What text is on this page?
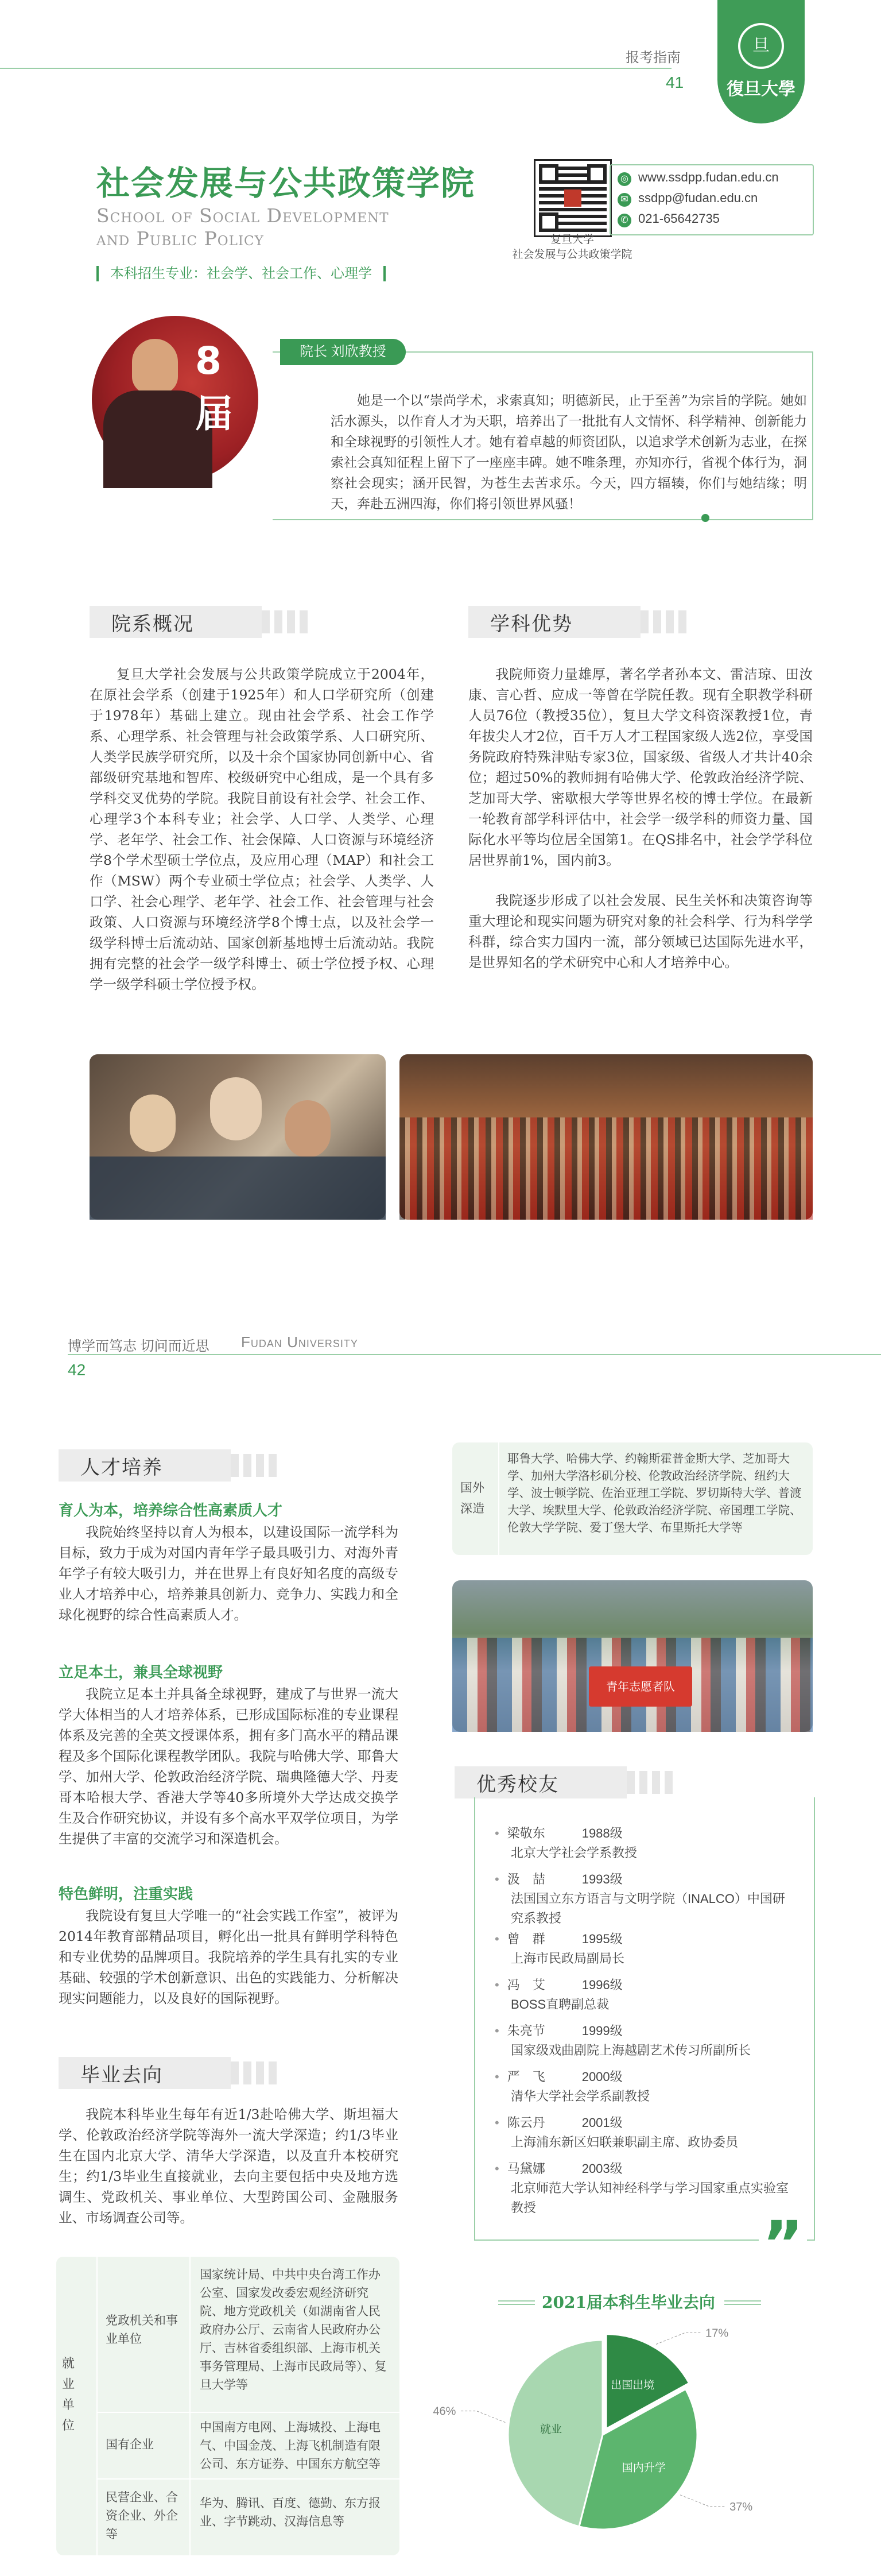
报考指南
41
旦
復旦大學
社会发展与公共政策学院
School of Social Development
and Public Policy
本科招生专业：社会学、社会工作、心理学
复旦大学
社会发展与公共政策学院
◎ www.ssdpp.fudan.edu.cn
✉ ssdpp@fudan.edu.cn
✆ 021-65642735
8届
院长 刘欣教授
她是一个以“崇尚学术，求索真知；明德新民，止于至善”为宗旨的学院。她如活水源头，以作育人才为天职，培养出了一批批有人文情怀、科学精神、创新能力和全球视野的引领性人才。她有着卓越的师资团队，以追求学术创新为志业，在探索社会真知征程上留下了一座座丰碑。她不唯条理，亦知亦行，省视个体行为，洞察社会现实；涵开民智，为苍生去苦求乐。今天，四方辐辏，你们与她结缘；明天，奔赴五洲四海，你们将引领世界风骚！
院系概况
复旦大学社会发展与公共政策学院成立于2004年，在原社会学系（创建于1925年）和人口学研究所（创建于1978年）基础上建立。现由社会学系、社会工作学系、心理学系、社会管理与社会政策学系、人口研究所、人类学民族学研究所，以及十余个国家协同创新中心、省部级研究基地和智库、校级研究中心组成，是一个具有多学科交叉优势的学院。我院目前设有社会学、社会工作、心理学3个本科专业；社会学、人口学、人类学、心理学、老年学、社会工作、社会保障、人口资源与环境经济学8个学术型硕士学位点，及应用心理（MAP）和社会工作（MSW）两个专业硕士学位点；社会学、人类学、人口学、社会心理学、老年学、社会工作、社会管理与社会政策、人口资源与环境经济学8个博士点，以及社会学一级学科博士后流动站、国家创新基地博士后流动站。我院拥有完整的社会学一级学科博士、硕士学位授予权、心理学一级学科硕士学位授予权。
学科优势
我院师资力量雄厚，著名学者孙本文、雷洁琼、田汝康、言心哲、应成一等曾在学院任教。现有全职教学科研人员76位（教授35位），复旦大学文科资深教授1位，青年拔尖人才2位，百千万人才工程国家级人选2位，享受国务院政府特殊津贴专家3位，国家级、省级人才共计40余位；超过50%的教师拥有哈佛大学、伦敦政治经济学院、芝加哥大学、密歇根大学等世界名校的博士学位。在最新一轮教育部学科评估中，社会学一级学科的师资力量、国际化水平等均位居全国第1。在QS排名中，社会学学科位居世界前1%，国内前3。
我院逐步形成了以社会发展、民生关怀和决策咨询等重大理论和现实问题为研究对象的社会科学、行为科学学科群，综合实力国内一流，部分领域已达国际先进水平，是世界知名的学术研究中心和人才培养中心。
博学而笃志 切问而近思 Fudan University
42
人才培养
育人为本，培养综合性高素质人才
我院始终坚持以育人为根本，以建设国际一流学科为目标，致力于成为对国内青年学子最具吸引力、对海外青年学子有较大吸引力，并在世界上有良好知名度的高级专业人才培养中心，培养兼具创新力、竞争力、实践力和全球化视野的综合性高素质人才。
立足本土，兼具全球视野
我院立足本土并具备全球视野，建成了与世界一流大学大体相当的人才培养体系，已形成国际标准的专业课程体系及完善的全英文授课体系，拥有多门高水平的精品课程及多个国际化课程教学团队。我院与哈佛大学、耶鲁大学、加州大学、伦敦政治经济学院、瑞典隆德大学、丹麦哥本哈根大学、香港大学等40多所境外大学达成交换学生及合作研究协议，并设有多个高水平双学位项目，为学生提供了丰富的交流学习和深造机会。
特色鲜明，注重实践
我院设有复旦大学唯一的“社会实践工作室”，被评为2014年教育部精品项目，孵化出一批具有鲜明学科特色和专业优势的品牌项目。我院培养的学生具有扎实的专业基础、较强的学术创新意识、出色的实践能力、分析解决现实问题能力，以及良好的国际视野。
毕业去向
我院本科毕业生每年有近1/3赴哈佛大学、斯坦福大学、伦敦政治经济学院等海外一流大学深造；约1/3毕业生在国内北京大学、清华大学深造，以及直升本校研究生；约1/3毕业生直接就业，去向主要包括中央及地方选调生、党政机关、事业单位、大型跨国公司、金融服务业、市场调查公司等。
就业单位
党政机关和事业单位
国家统计局、中共中央台湾工作办公室、国家发改委宏观经济研究院、地方党政机关（如湖南省人民政府办公厅、云南省人民政府办公厅、吉林省委组织部、上海市机关事务管理局、上海市民政局等）、复旦大学等
国有企业
中国南方电网、上海城投、上海电气、中国金茂、上海飞机制造有限公司、东方证券、中国东方航空等
民营企业、合资企业、外企等
华为、腾讯、百度、德勤、东方报业、字节跳动、汉海信息等
国外深造
耶鲁大学、哈佛大学、约翰斯霍普金斯大学、芝加哥大学、加州大学洛杉矶分校、伦敦政治经济学院、纽约大学、波士顿学院、佐治亚理工学院、罗切斯特大学、普渡大学、埃默里大学、伦敦政治经济学院、帝国理工学院、伦敦大学学院、爱丁堡大学、布里斯托大学等
青年志愿者队
优秀校友
• 梁敬东	1988级
北京大学社会学系教授
• 汲　喆	1993级
法国国立东方语言与文明学院（INALCO）中国研究系教授
• 曾　群	1995级
上海市民政局副局长
• 冯　艾	1996级
BOSS直聘副总裁
• 朱亮节	1999级
国家级戏曲剧院上海越剧艺术传习所副所长
• 严　飞	2000级
清华大学社会学系副教授
• 陈云丹	2001级
上海浦东新区妇联兼职副主席、政协委员
• 马黛娜	2003级
北京师范大学认知神经科学与学习国家重点实验室教授	”
2021届本科生毕业去向
出国出境
国内升学
就业
17%
37%
46%
